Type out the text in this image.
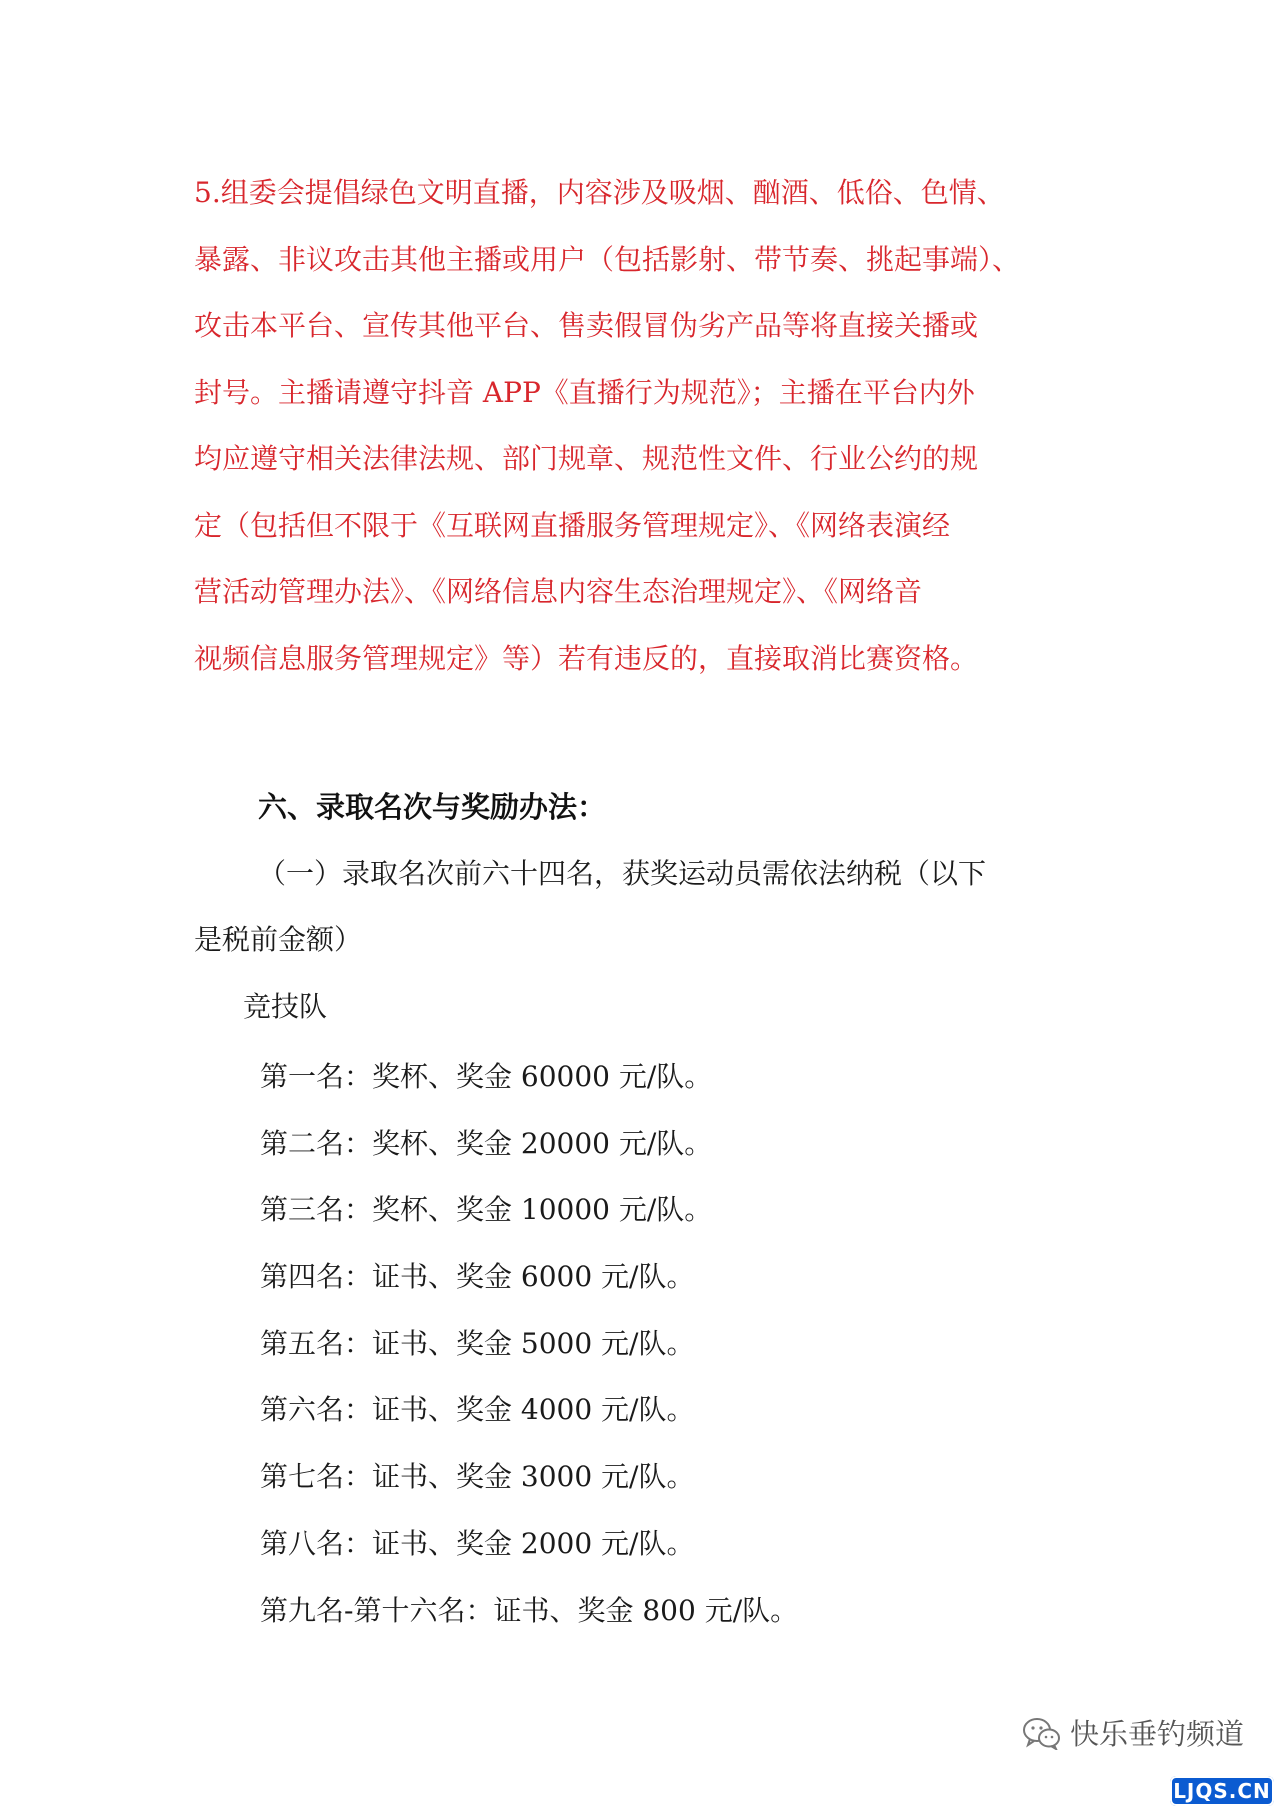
5.组委会提倡绿色文明直播，内容涉及吸烟、酗酒、低俗、色情、
暴露、非议攻击其他主播或用户（包括影射、带节奏、挑起事端）、
攻击本平台、宣传其他平台、售卖假冒伪劣产品等将直接关播或
封号。主播请遵守抖音 APP《直播行为规范》；主播在平台内外
均应遵守相关法律法规、部门规章、规范性文件、行业公约的规
定（包括但不限于《互联网直播服务管理规定》、《网络表演经
营活动管理办法》、《网络信息内容生态治理规定》、《网络音
视频信息服务管理规定》等）若有违反的，直接取消比赛资格。
六、录取名次与奖励办法：
（一）录取名次前六十四名，获奖运动员需依法纳税（以下
是税前金额）
竞技队
第一名：奖杯、奖金 60000 元/队。
第二名：奖杯、奖金 20000 元/队。
第三名：奖杯、奖金 10000 元/队。
第四名：证书、奖金 6000 元/队。
第五名：证书、奖金 5000 元/队。
第六名：证书、奖金 4000 元/队。
第七名：证书、奖金 3000 元/队。
第八名：证书、奖金 2000 元/队。
第九名-第十六名：证书、奖金 800 元/队。
快乐垂钓频道
LJQS.CN
